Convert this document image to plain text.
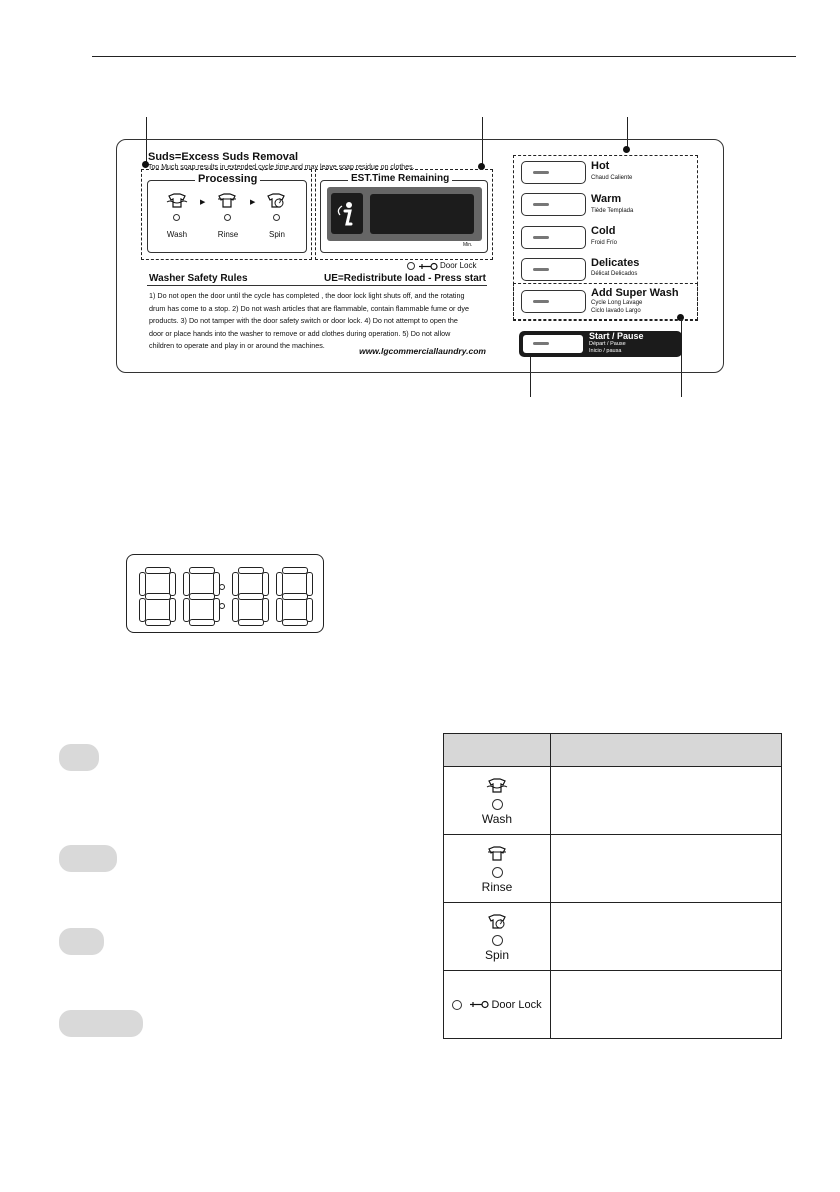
Suds=Excess Suds Removal
Too Much soap results in extended cycle time and may leave soap residue on clothes.
Processing
Wash
▶
Rinse
▶
Spin
EST.Time Remaining
Min.
Door Lock
Washer Safety Rules	UE=Redistribute load - Press start

1) Do not open the door until the cycle has completed , the door lock light shuts off, and the rotating

drum has come to a stop. 2) Do not wash articles that are flammable, contain flammable fume or dye

products. 3) Do not tamper with the door safety switch or door lock. 4) Do not attempt to open the

door or place hands into the washer to remove or add clothes during operation. 5) Do not allow

children to operate and play in or around the machines.

www.lgcommerciallaundry.com
Hot
Chaud Caliente
Warm
Tiède Templada
Cold
Froid Frío
Delicates
Délicat Delicados
Add Super Wash
Cycle Long Lavage
Ciclo lavado Largo
Start / Pause
Départ / Pause
Inicio / pausa

Wash	

Rinse	

Spin	

Door Lock	
